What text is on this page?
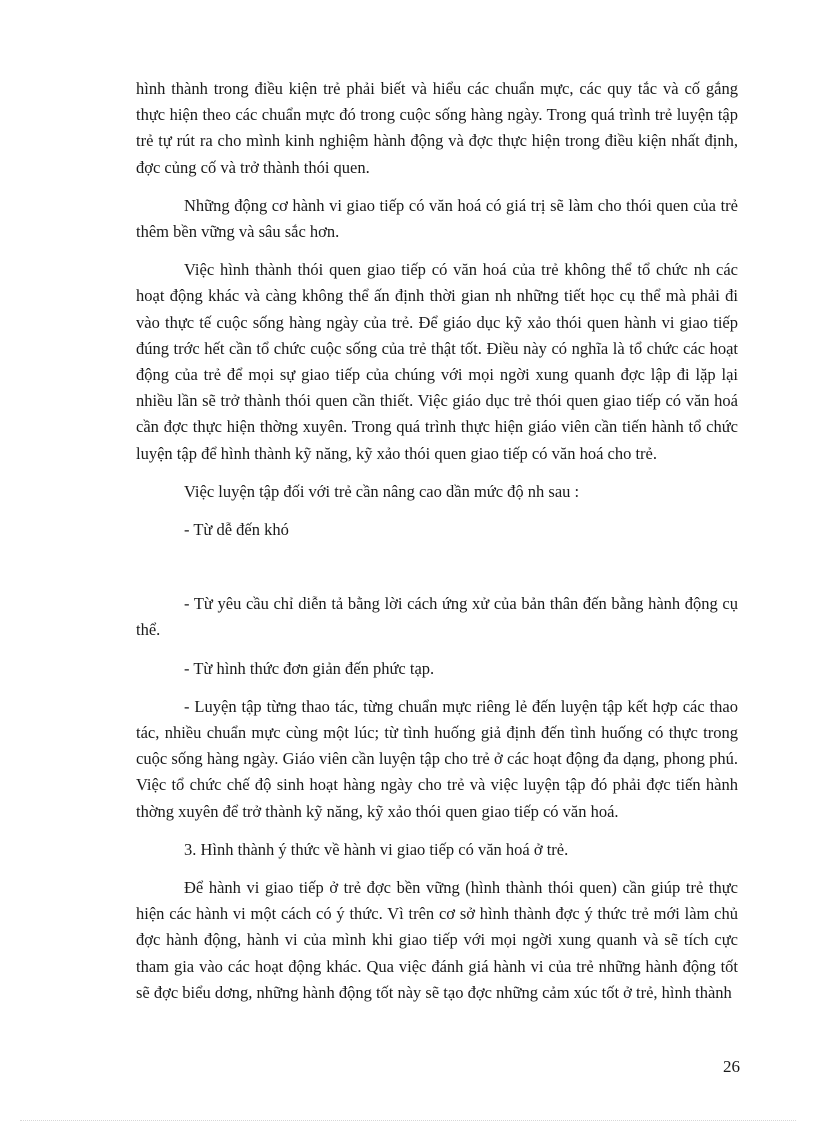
hình thành trong điều kiện trẻ phải biết và hiểu các chuẩn mực, các quy tắc và cố gắng thực hiện theo các chuẩn mực đó trong cuộc sống hàng ngày. Trong quá trình trẻ luyện tập trẻ tự rút ra cho mình kinh nghiệm hành động và đợc thực hiện trong điều kiện nhất định, đợc củng cố và trở thành thói quen.

Những động cơ hành vi giao tiếp có văn hoá có giá trị sẽ làm cho thói quen của trẻ thêm bền vững và sâu sắc hơn.

Việc hình thành thói quen giao tiếp có văn hoá của trẻ không thể tổ chức nh các hoạt động khác và càng không thể ấn định thời gian nh những tiết học cụ thể mà phải đi vào thực tế cuộc sống hàng ngày của trẻ. Để giáo dục kỹ xảo thói quen hành vi giao tiếp đúng trớc hết cần tổ chức cuộc sống của trẻ thật tốt. Điều này có nghĩa là tổ chức các hoạt động của trẻ để mọi sự giao tiếp của chúng với mọi ngời xung quanh đợc lập đi lặp lại nhiều lần sẽ trở thành thói quen cần thiết. Việc giáo dục trẻ thói quen giao tiếp có văn hoá cần đợc thực hiện thờng xuyên. Trong quá trình thực hiện giáo viên cần tiến hành tổ chức luyện tập để hình thành kỹ năng, kỹ xảo thói quen giao tiếp có văn hoá cho trẻ.

Việc luyện tập đối với trẻ cần nâng cao dần mức độ nh sau :

- Từ dễ đến khó

- Từ yêu cầu chỉ diễn tả bằng lời cách ứng xử của bản thân đến bằng hành động cụ thể.

- Từ hình thức đơn giản đến phức tạp.

- Luyện tập từng thao tác, từng chuẩn mực riêng lẻ đến luyện tập kết hợp các thao tác, nhiều chuẩn mực cùng một lúc; từ tình huống giả định đến tình huống có thực trong cuộc sống hàng ngày. Giáo viên cần luyện tập cho trẻ ở các hoạt động đa dạng, phong phú. Việc tổ chức chế độ sinh hoạt hàng ngày cho trẻ và việc luyện tập đó phải đợc tiến hành thờng xuyên để trở thành kỹ năng, kỹ xảo thói quen giao tiếp có văn hoá.

3. Hình thành ý thức về hành vi giao tiếp có văn hoá ở trẻ.

Để hành vi giao tiếp ở trẻ đợc bền vững (hình thành thói quen) cần giúp trẻ thực hiện các hành vi một cách có ý thức. Vì trên cơ sở hình thành đợc ý thức trẻ mới làm chủ đợc hành động, hành vi của mình khi giao tiếp với mọi ngời xung quanh và sẽ tích cực tham gia vào các hoạt động khác. Qua việc đánh giá hành vi của trẻ những hành động tốt sẽ đợc biểu dơng, những hành động tốt này sẽ tạo đợc những cảm xúc tốt ở trẻ, hình thành

26
